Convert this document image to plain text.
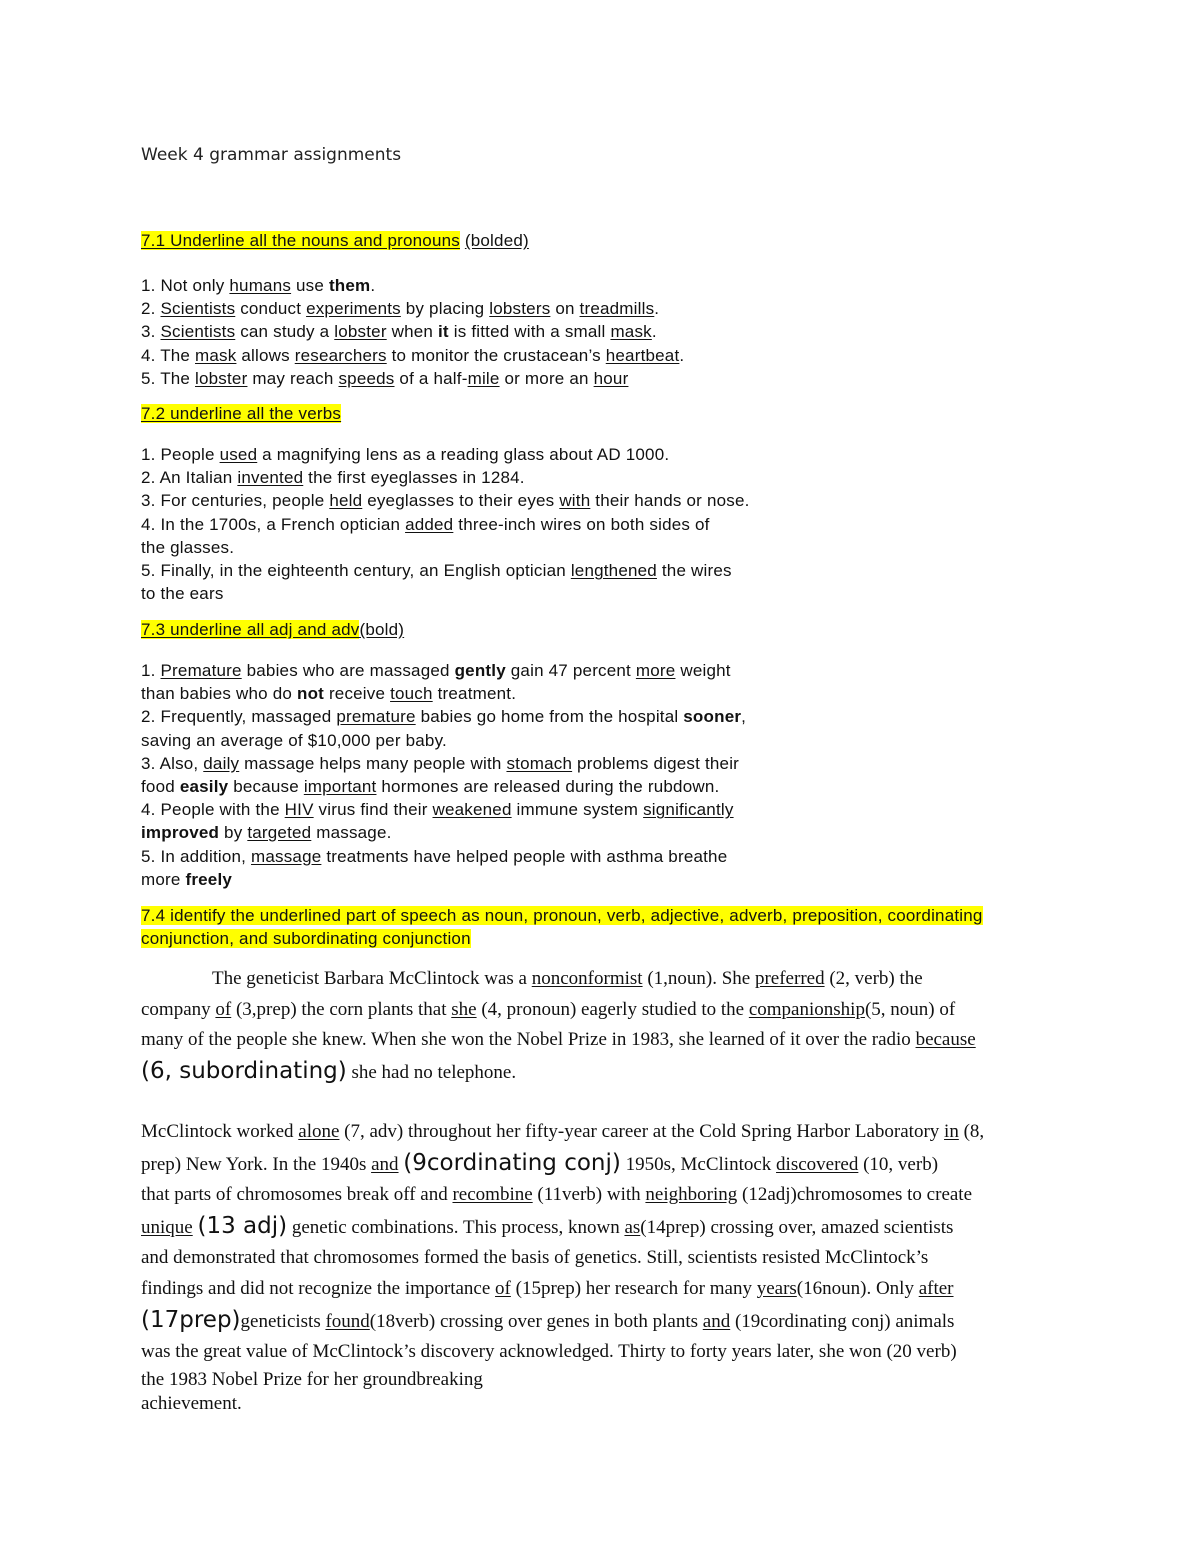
Week 4 grammar assignments
7.1 Underline all the nouns and pronouns (bolded)
1. Not only humans use them.
2. Scientists conduct experiments by placing lobsters on treadmills.
3. Scientists can study a lobster when it is fitted with a small mask.
4. The mask allows researchers to monitor the crustacean’s heartbeat.
5. The lobster may reach speeds of a half-mile or more an hour
7.2 underline all the verbs
1. People used a magnifying lens as a reading glass about AD 1000.
2. An Italian invented the first eyeglasses in 1284.
3. For centuries, people held eyeglasses to their eyes with their hands or nose.
4. In the 1700s, a French optician added three-inch wires on both sides of
the glasses.
5. Finally, in the eighteenth century, an English optician lengthened the wires
to the ears
7.3 underline all adj and adv(bold)
1. Premature babies who are massaged gently gain 47 percent more weight
than babies who do not receive touch treatment.
2. Frequently, massaged premature babies go home from the hospital sooner,
saving an average of $10,000 per baby.
3. Also, daily massage helps many people with stomach problems digest their
food easily because important hormones are released during the rubdown.
4. People with the HIV virus find their weakened immune system significantly
improved by targeted massage.
5. In addition, massage treatments have helped people with asthma breathe
more freely
7.4 identify the underlined part of speech as noun, pronoun, verb, adjective, adverb, preposition, coordinating
conjunction, and subordinating conjunction
The geneticist Barbara McClintock was a nonconformist (1,noun). She preferred (2, verb) the
company of (3,prep) the corn plants that she (4, pronoun) eagerly studied to the companionship(5, noun) of
many of the people she knew. When she won the Nobel Prize in 1983, she learned of it over the radio because
(6, subordinating) she had no telephone.
McClintock worked alone (7, adv) throughout her fifty-year career at the Cold Spring Harbor Laboratory in (8,
prep) New York. In the 1940s and (9cordinating conj) 1950s, McClintock discovered (10, verb)
that parts of chromosomes break off and recombine (11verb) with neighboring (12adj)chromosomes to create
unique (13 adj) genetic combinations. This process, known as(14prep) crossing over, amazed scientists
and demonstrated that chromosomes formed the basis of genetics. Still, scientists resisted McClintock’s
findings and did not recognize the importance of (15prep) her research for many years(16noun). Only after
(17prep)geneticists found(18verb) crossing over genes in both plants and (19cordinating conj) animals
was the great value of McClintock’s discovery acknowledged. Thirty to forty years later, she won (20 verb)
the 1983 Nobel Prize for her groundbreaking
achievement.
